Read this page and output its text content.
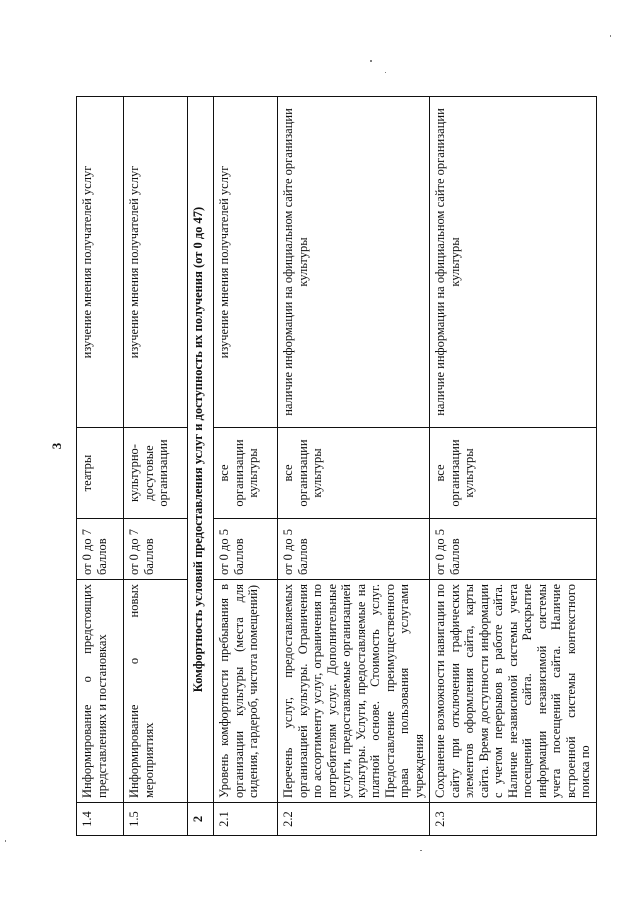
3
1.4	Информирование о предстоящих представлениях и постановках	от 0 до 7 баллов	театры	изучение мнения получателей услуг
1.5	Информирование о новых мероприятиях	от 0 до 7 баллов	культурно-досуговые организации	изучение мнения получателей услуг
2	Комфортность условий предоставления услуг и доступность их получения (от 0 до 47)			
2.1	Уровень комфортности пребывания в организации культуры (места для сидения, гардероб, чистота помещений)	от 0 до 5 баллов	все организации культуры	изучение мнения получателей услуг
2.2	Перечень услуг, предоставляемых организацией культуры. Ограничения по ассортименту услуг, ограничения по потребителям услуг. Дополнительные услуги, предоставляемые организацией культуры. Услуги, предоставляемые на платной основе. Стоимость услуг. Предоставление преимущественного права пользования услугами учреждения	от 0 до 5 баллов	все организации культуры	наличие информации на официальном сайте организации культуры
2.3	Сохранение возможности навигации по сайту при отключении графических элементов оформления сайта, карты сайта. Время доступности информации с учетом перерывов в работе сайта. Наличие независимой системы учета посещений сайта. Раскрытие информации независимой системы учета посещений сайта. Наличие встроенной системы контекстного поиска по	от 0 до 5 баллов	все организации культуры	наличие информации на официальном сайте организации культуры
